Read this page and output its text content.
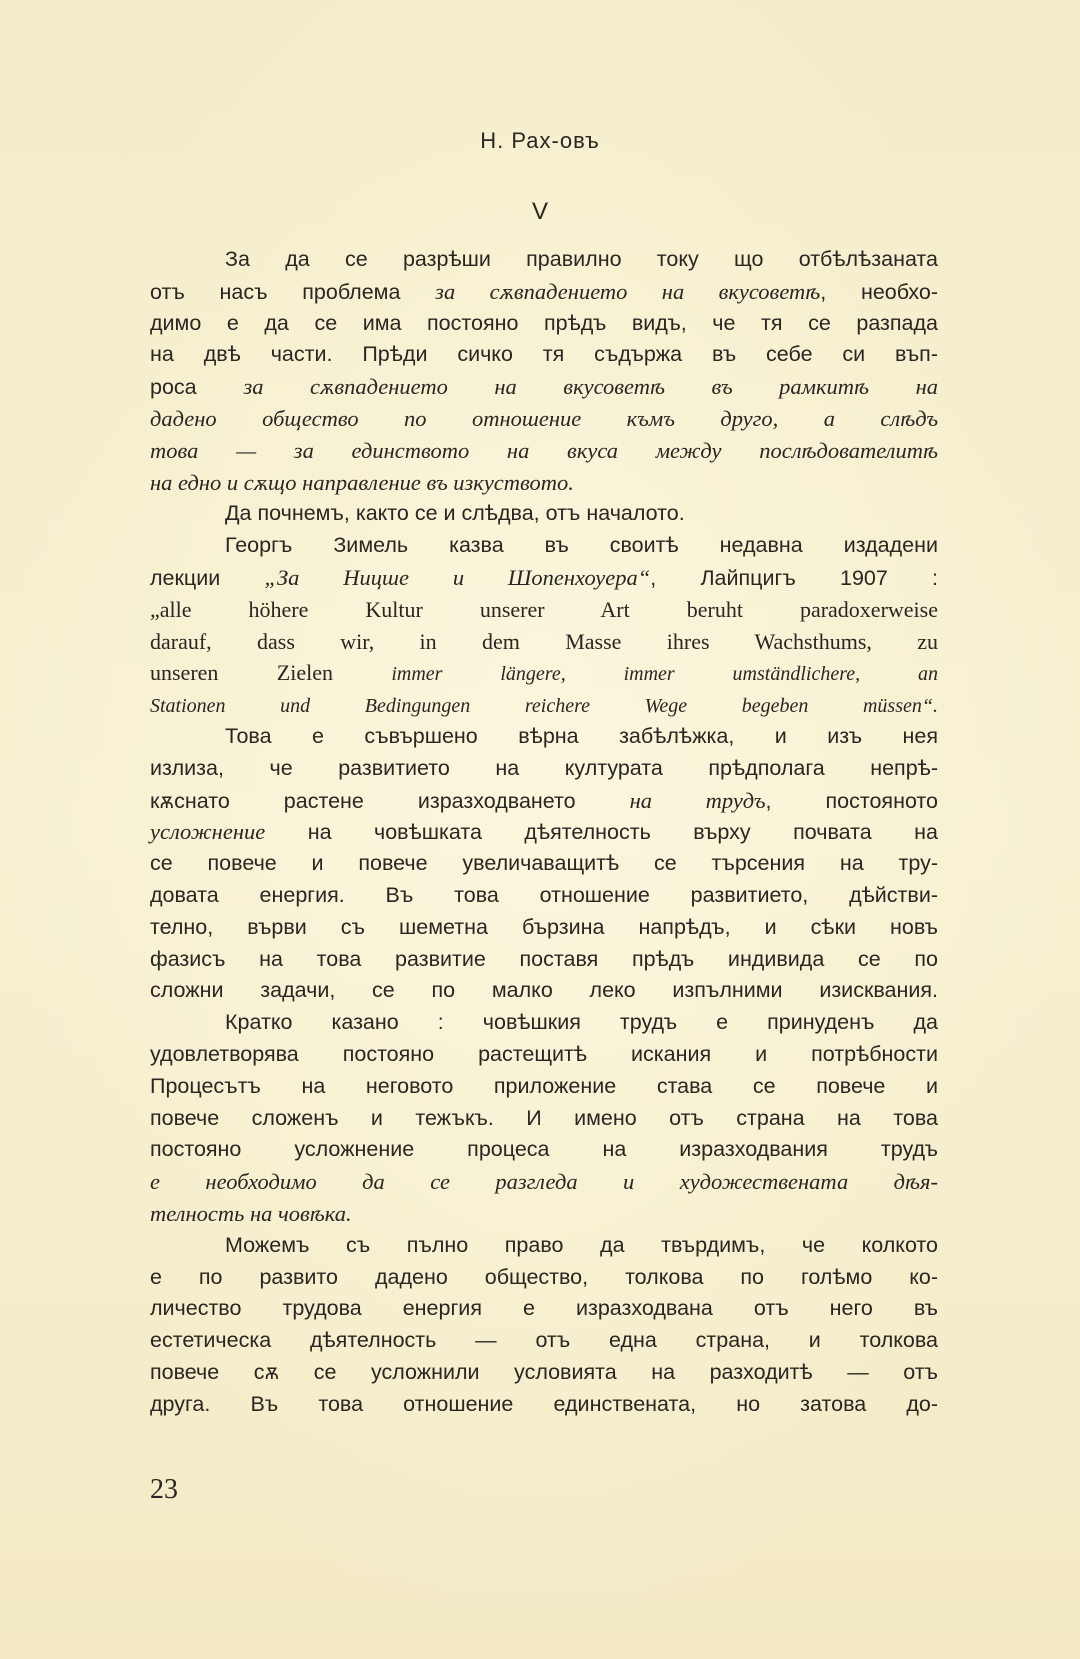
Н. Рах-овъ
V
За да се разрѣши правилно току що отбѣлѣзаната
отъ насъ проблема за сѫвпадението на вкусоветѣ, необхо-
димо е да се има постояно прѣдъ видъ, че тя се разпада
на двѣ части. Прѣди сичко тя съдържа въ себе си въп-
роса за сѫвпадението на вкусоветѣ въ рамкитѣ на
дадено общество по отношение къмъ друго, а слѣдъ
това — за единството на вкуса между послѣдователитѣ
на едно и сѫщо направление въ изкуството.
Да почнемъ, както се и слѣдва, отъ началото.
Георгъ Зимель казва въ своитѣ недавна издадени
лекции „За Ницше и Шопенхоуера“, Лайпцигъ 1907 :
„alle höhere Kultur unserer Art beruht paradoxerweise
darauf, dass wir, in dem Masse ihres Wachsthums, zu
unseren Zielen immer längere, immer umständlichere, an
Stationen und Bedingungen reichere Wege begeben müssen“.
Това е съвършено вѣрна забѣлѣжка, и изъ нея
излиза, че развитието на културата прѣдполага непрѣ-
кѫснато растене изразходването на трудъ, постояното
усложнение на човѣшката дѣятелность върху почвата на
се повече и повече увеличаващитѣ се търсения на тру-
довата енергия. Въ това отношение развитието, дѣйстви-
телно, върви съ шеметна бързина напрѣдъ, и сѣки новъ
фазисъ на това развитие поставя прѣдъ индивида се по
сложни задачи, се по малко леко изпълними изисквания.
Кратко казано : човѣшкия трудъ е принуденъ да
удовлетворява постояно растещитѣ искания и потрѣбности
Процесътъ на неговото приложение става се повече и
повече сложенъ и тежъкъ. И имено отъ страна на това
постояно усложнение процеса на изразходвания трудъ
е необходимо да се разгледа и художествената дѣя-
телность на човѣка.
Можемъ съ пълно право да твърдимъ, че колкото
е по развито дадено общество, толкова по голѣмо ко-
личество трудова енергия е изразходвана отъ него въ
естетическа дѣятелность — отъ една страна, и толкова
повече сѫ се усложнили условията на разходитѣ — отъ
друга. Въ това отношение единствената, но затова до-
23
